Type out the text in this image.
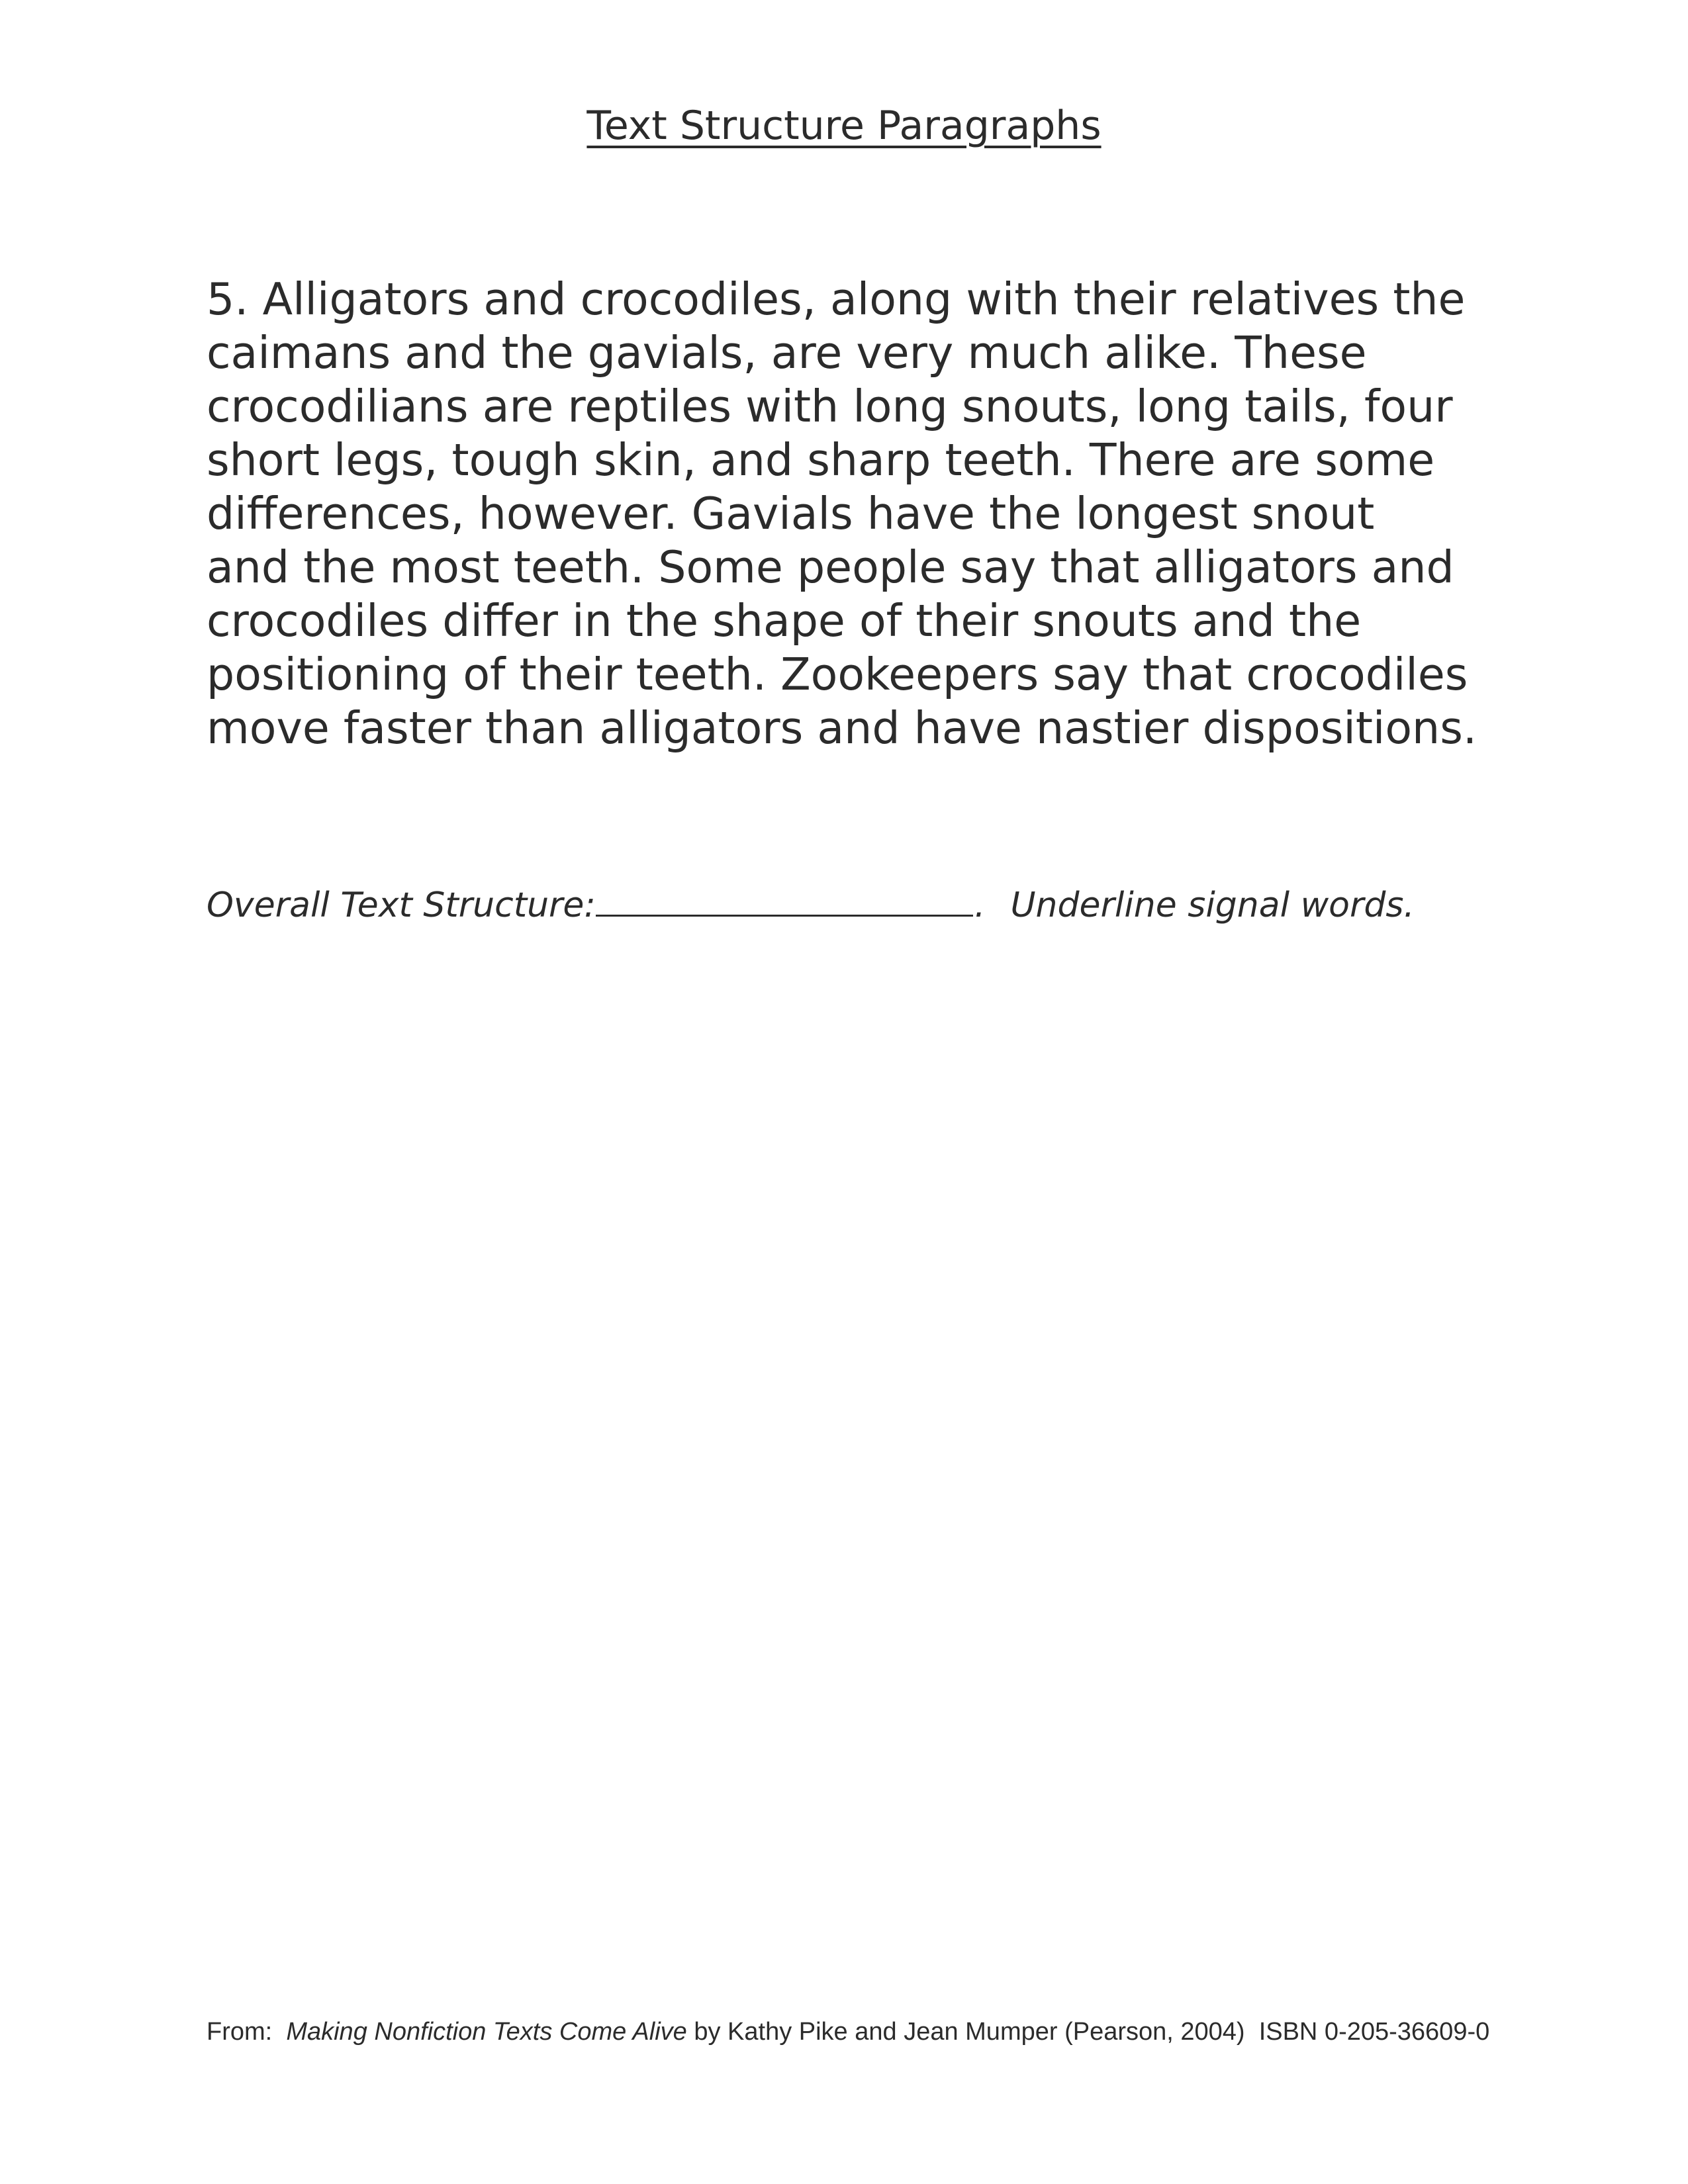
Text Structure Paragraphs
5. Alligators and crocodiles, along with their relatives the
caimans and the gavials, are very much alike. These
crocodilians are reptiles with long snouts, long tails, four
short legs, tough skin, and sharp teeth. There are some
differences, however. Gavials have the longest snout
and the most teeth. Some people say that alligators and
crocodiles differ in the shape of their snouts and the
positioning of their teeth. Zookeepers say that crocodiles
move faster than alligators and have nastier dispositions.
Overall Text Structure:	. Underline signal words.
From:  Making Nonfiction Texts Come Alive by Kathy Pike and Jean Mumper (Pearson, 2004)  ISBN 0-205-36609-0
